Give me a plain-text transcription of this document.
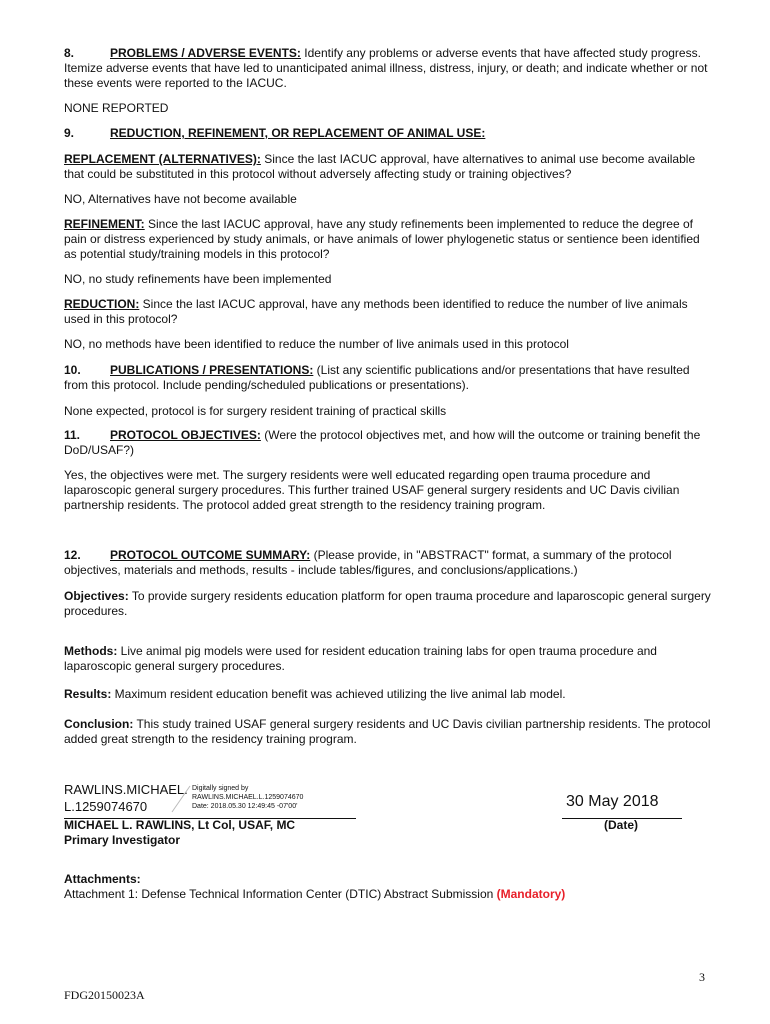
8.	PROBLEMS / ADVERSE EVENTS: Identify any problems or adverse events that have affected study progress. Itemize adverse events that have led to unanticipated animal illness, distress, injury, or death; and indicate whether or not these events were reported to the IACUC.

NONE REPORTED

9.	REDUCTION, REFINEMENT, OR REPLACEMENT OF ANIMAL USE:

REPLACEMENT (ALTERNATIVES): Since the last IACUC approval, have alternatives to animal use become available that could be substituted in this protocol without adversely affecting study or training objectives?

NO, Alternatives have not become available

REFINEMENT: Since the last IACUC approval, have any study refinements been implemented to reduce the degree of pain or distress experienced by study animals, or have animals of lower phylogenetic status or sentience been identified as potential study/training models in this protocol?

NO, no study refinements have been implemented

REDUCTION: Since the last IACUC approval, have any methods been identified to reduce the number of live animals used in this protocol?

NO, no methods have been identified to reduce the number of live animals used in this protocol

10. PUBLICATIONS / PRESENTATIONS: (List any scientific publications and/or presentations that have resulted from this protocol. Include pending/scheduled publications or presentations).

None expected, protocol is for surgery resident training of practical skills

11. PROTOCOL OBJECTIVES: (Were the protocol objectives met, and how will the outcome or training benefit the DoD/USAF?)

Yes, the objectives were met. The surgery residents were well educated regarding open trauma procedure and laparoscopic general surgery procedures. This further trained USAF general surgery residents and UC Davis civilian partnership residents. The protocol added great strength to the residency training program.

12. PROTOCOL OUTCOME SUMMARY: (Please provide, in "ABSTRACT" format, a summary of the protocol objectives, materials and methods, results - include tables/figures, and conclusions/applications.)

Objectives: To provide surgery residents education platform for open trauma procedure and laparoscopic general surgery procedures.

Methods: Live animal pig models were used for resident education training labs for open trauma procedure and laparoscopic general surgery procedures.

Results: Maximum resident education benefit was achieved utilizing the live animal lab model.

Conclusion: This study trained USAF general surgery residents and UC Davis civilian partnership residents. The protocol added great strength to the residency training program.

RAWLINS.MICHAEL.
L.1259074670
Digitally signed by
RAWLINS.MICHAEL.L.1259074670
Date: 2018.05.30 12:49:45 -07'00'	30 May 2018
MICHAEL L. RAWLINS, Lt Col, USAF, MC
Primary Investigator
(Date)
Attachments:
Attachment 1: Defense Technical Information Center (DTIC) Abstract Submission (Mandatory)
3
FDG20150023A
